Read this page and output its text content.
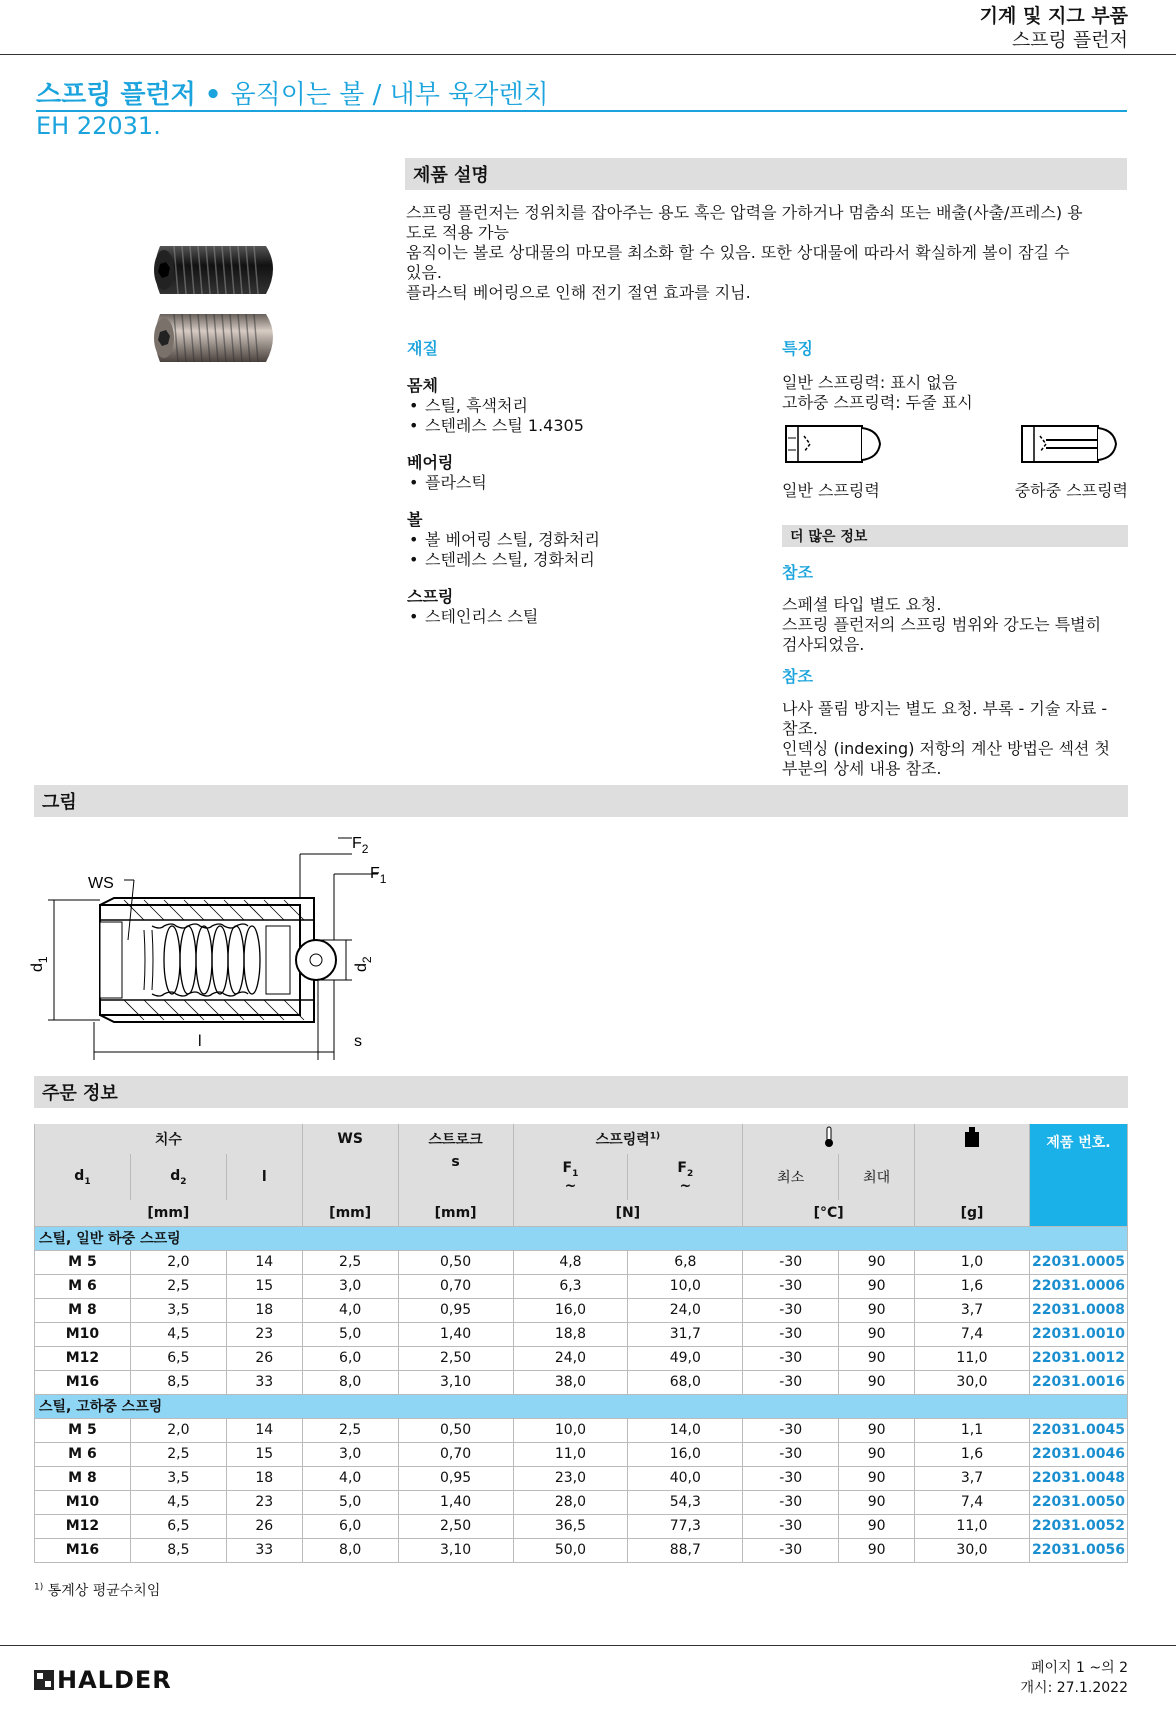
기계 및 지그 부품
스프링 플런저
스프링 플런저 • 움직이는 볼 / 내부 육각렌치
EH 22031.
제품 설명
스프링 플런저는 정위치를 잡아주는 용도 혹은 압력을 가하거나 멈춤쇠 또는 배출(사출/프레스) 용
도로 적용 가능
움직이는 볼로 상대물의 마모를 최소화 할 수 있음. 또한 상대물에 따라서 확실하게 볼이 잠길 수
있음.
플라스틱 베어링으로 인해 전기 절연 효과를 지님.
재질
몸체
• 스틸, 흑색처리
• 스텐레스 스틸 1.4305
베어링
• 플라스틱
볼
• 볼 베어링 스틸, 경화처리
• 스텐레스 스틸, 경화처리
스프링
• 스테인리스 스틸
특징
일반 스프링력: 표시 없음
고하중 스프링력: 두줄 표시
일반 스프링력	중하중 스프링력
더 많은 정보
참조
스페셜 타입 별도 요청.
스프링 플런저의 스프링 범위와 강도는 특별히
검사되었음.
참조
나사 풀림 방지는 별도 요청. 부록 - 기술 자료 -
참조.
인덱싱 (indexing) 저항의 계산 방법은 섹션 첫
부분의 상세 내용 참조.
그림
WS
$F_2$
$F_1$
$d_1$
$d_2$
l	s
주문 정보
치수			WS	스트로크	스프링력$^{1)}$					제품 번호.
$d_1$	$d_2$	l		s	$F_1$
~	$F_2$
~	최소	최대		
[mm]			[mm]	[mm]	[N]		[°C]		[g]	
스틸, 일반 하중 스프링										
M 5	2,0	14	2,5	0,50	4,8	6,8	-30	90	1,0	22031.0005
M 6	2,5	15	3,0	0,70	6,3	10,0	-30	90	1,6	22031.0006
M 8	3,5	18	4,0	0,95	16,0	24,0	-30	90	3,7	22031.0008
M10	4,5	23	5,0	1,40	18,8	31,7	-30	90	7,4	22031.0010
M12	6,5	26	6,0	2,50	24,0	49,0	-30	90	11,0	22031.0012
M16	8,5	33	8,0	3,10	38,0	68,0	-30	90	30,0	22031.0016
스틸, 고하중 스프링										
M 5	2,0	14	2,5	0,50	10,0	14,0	-30	90	1,1	22031.0045
M 6	2,5	15	3,0	0,70	11,0	16,0	-30	90	1,6	22031.0046
M 8	3,5	18	4,0	0,95	23,0	40,0	-30	90	3,7	22031.0048
M10	4,5	23	5,0	1,40	28,0	54,3	-30	90	7,4	22031.0050
M12	6,5	26	6,0	2,50	36,5	77,3	-30	90	11,0	22031.0052
M16	8,5	33	8,0	3,10	50,0	88,7	-30	90	30,0	22031.0056
$^{1)}$ 통계상 평균수치임
HALDER	페이지 1 ~의 2
개시: 27.1.2022
